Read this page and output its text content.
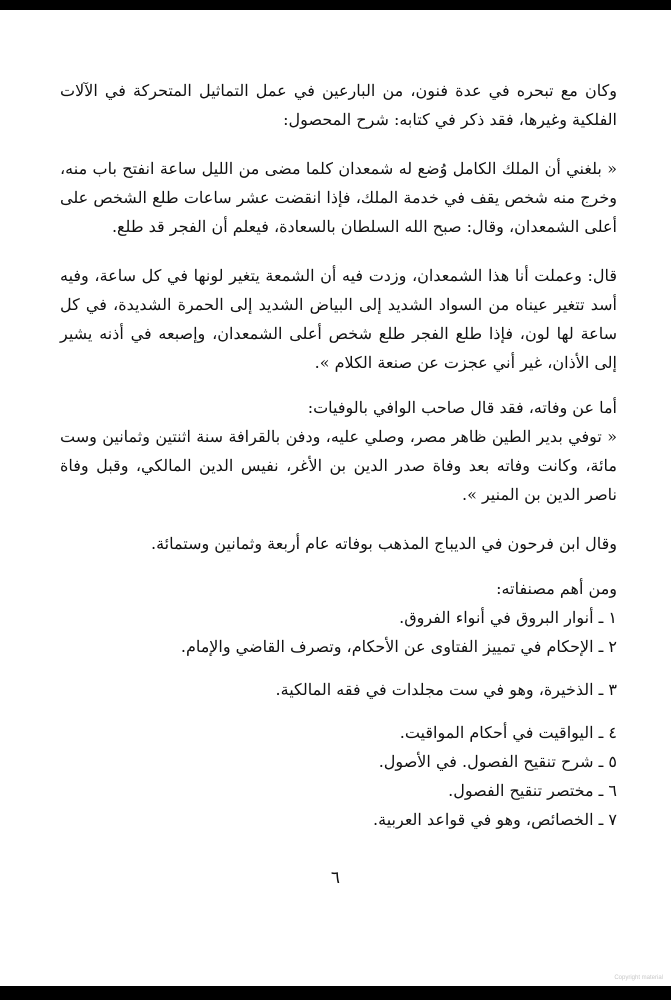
وكان مع تبحره في عدة فنون، من البارعين في عمل التماثيل المتحركة في الآلات الفلكية وغيرها، فقد ذكر في كتابه: شرح المحصول:

« بلغني أن الملك الكامل وُضع له شمعدان كلما مضى من الليل ساعة انفتح باب منه، وخرج منه شخص يقف في خدمة الملك، فإذا انقضت عشر ساعات طلع الشخص على أعلى الشمعدان، وقال: صبح الله السلطان بالسعادة، فيعلم أن الفجر قد طلع.

قال: وعملت أنا هذا الشمعدان، وزدت فيه أن الشمعة يتغير لونها في كل ساعة، وفيه أسد تتغير عيناه من السواد الشديد إلى البياض الشديد إلى الحمرة الشديدة، في كل ساعة لها لون، فإذا طلع الفجر طلع شخص أعلى الشمعدان، وإصبعه في أذنه يشير إلى الأذان، غير أني عجزت عن صنعة الكلام ».

أما عن وفاته، فقد قال صاحب الوافي بالوفيات:

« توفي بدير الطين ظاهر مصر، وصلي عليه، ودفن بالقرافة سنة اثنتين وثمانين وست مائة، وكانت وفاته بعد وفاة صدر الدين بن الأغر، نفيس الدين المالكي، وقبل وفاة ناصر الدين بن المنير ».

وقال ابن فرحون في الديباج المذهب بوفاته عام أربعة وثمانين وستمائة.

ومن أهم مصنفاته:

١ ـ أنوار البروق في أنواء الفروق.
٢ ـ الإحكام في تمييز الفتاوى عن الأحكام، وتصرف القاضي والإمام.
٣ ـ الذخيرة، وهو في ست مجلدات في فقه المالكية.
٤ ـ اليواقيت في أحكام المواقيت.
٥ ـ شرح تنقيح الفصول. في الأصول.
٦ ـ مختصر تنقيح الفصول.
٧ ـ الخصائص، وهو في قواعد العربية.
٦
Copyright material
